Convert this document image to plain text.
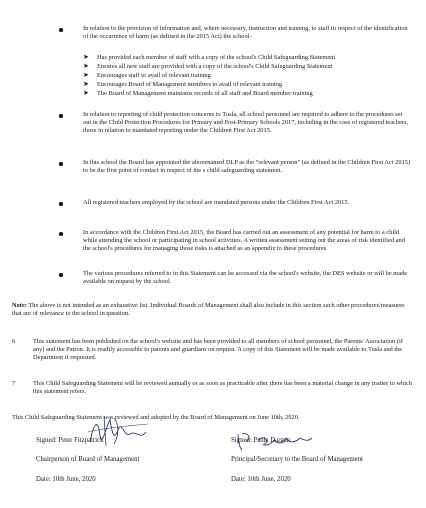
In relation to the provision of information and, where necessary, instruction and training, to staff in respect of the identification of the occurrence of harm (as defined in the 2015 Act) the school-
➤ Has provided each member of staff with a copy of the school's Child Safeguarding Statement
➤ Ensures all new staff are provided with a copy of the school's Child Safeguarding Statement
➤ Encourages staff to avail of relevant training
➤ Encourages Board of Management members to avail of relevant training
➤ The Board of Management maintains records of all staff and Board member training
In relation to reporting of child protection concerns to Tusla, all school personnel are required to adhere to the procedures set out in the Child Protection Procedures for Primary and Post-Primary Schools 2017, including in the case of registered teachers, those in relation to mandated reporting under the Children First Act 2015.
In this school the Board has appointed the abovenamed DLP as the "relevant person" (as defined in the Children First Act 2015) to be the first point of contact in respect of the s child safeguarding statement.
All registered teachers employed by the school are mandated persons under the Children First Act 2015.
In accordance with the Children First Act 2015, the Board has carried out an assessment of any potential for harm to a child while attending the school or participating in school activities. A written assessment setting out the areas of risk identified and the school's procedures for managing those risks is attached as an appendix to these procedures.
The various procedures referred to in this Statement can be accessed via the school's website, the DES website or will be made available on request by the school.
Note: The above is not intended as an exhaustive list. Individual Boards of Management shall also include in this section such other procedures/measures that are of relevance to the school in question.
6	This statement has been published on the school's website and has been provided to all members of school personnel, the Parents' Association (if any) and the Patron. It is readily accessible to parents and guardians on request. A copy of this Statement will be made available to Tusla and the Department if requested.
7	This Child Safeguarding Statement will be reviewed annually or as soon as practicable after there has been a material change in any matter to which this statement refers.
This Child Safeguarding Statement was reviewed and adopted by the Board of Management on June 10th, 2020.
Signed: Peter Fitzpatrick
Chairperson of Board of Management
Date: 10th June, 2020
Signed: Paula Dargan
Principal/Secretary to the Board of Management
Date: 10th June, 2020
